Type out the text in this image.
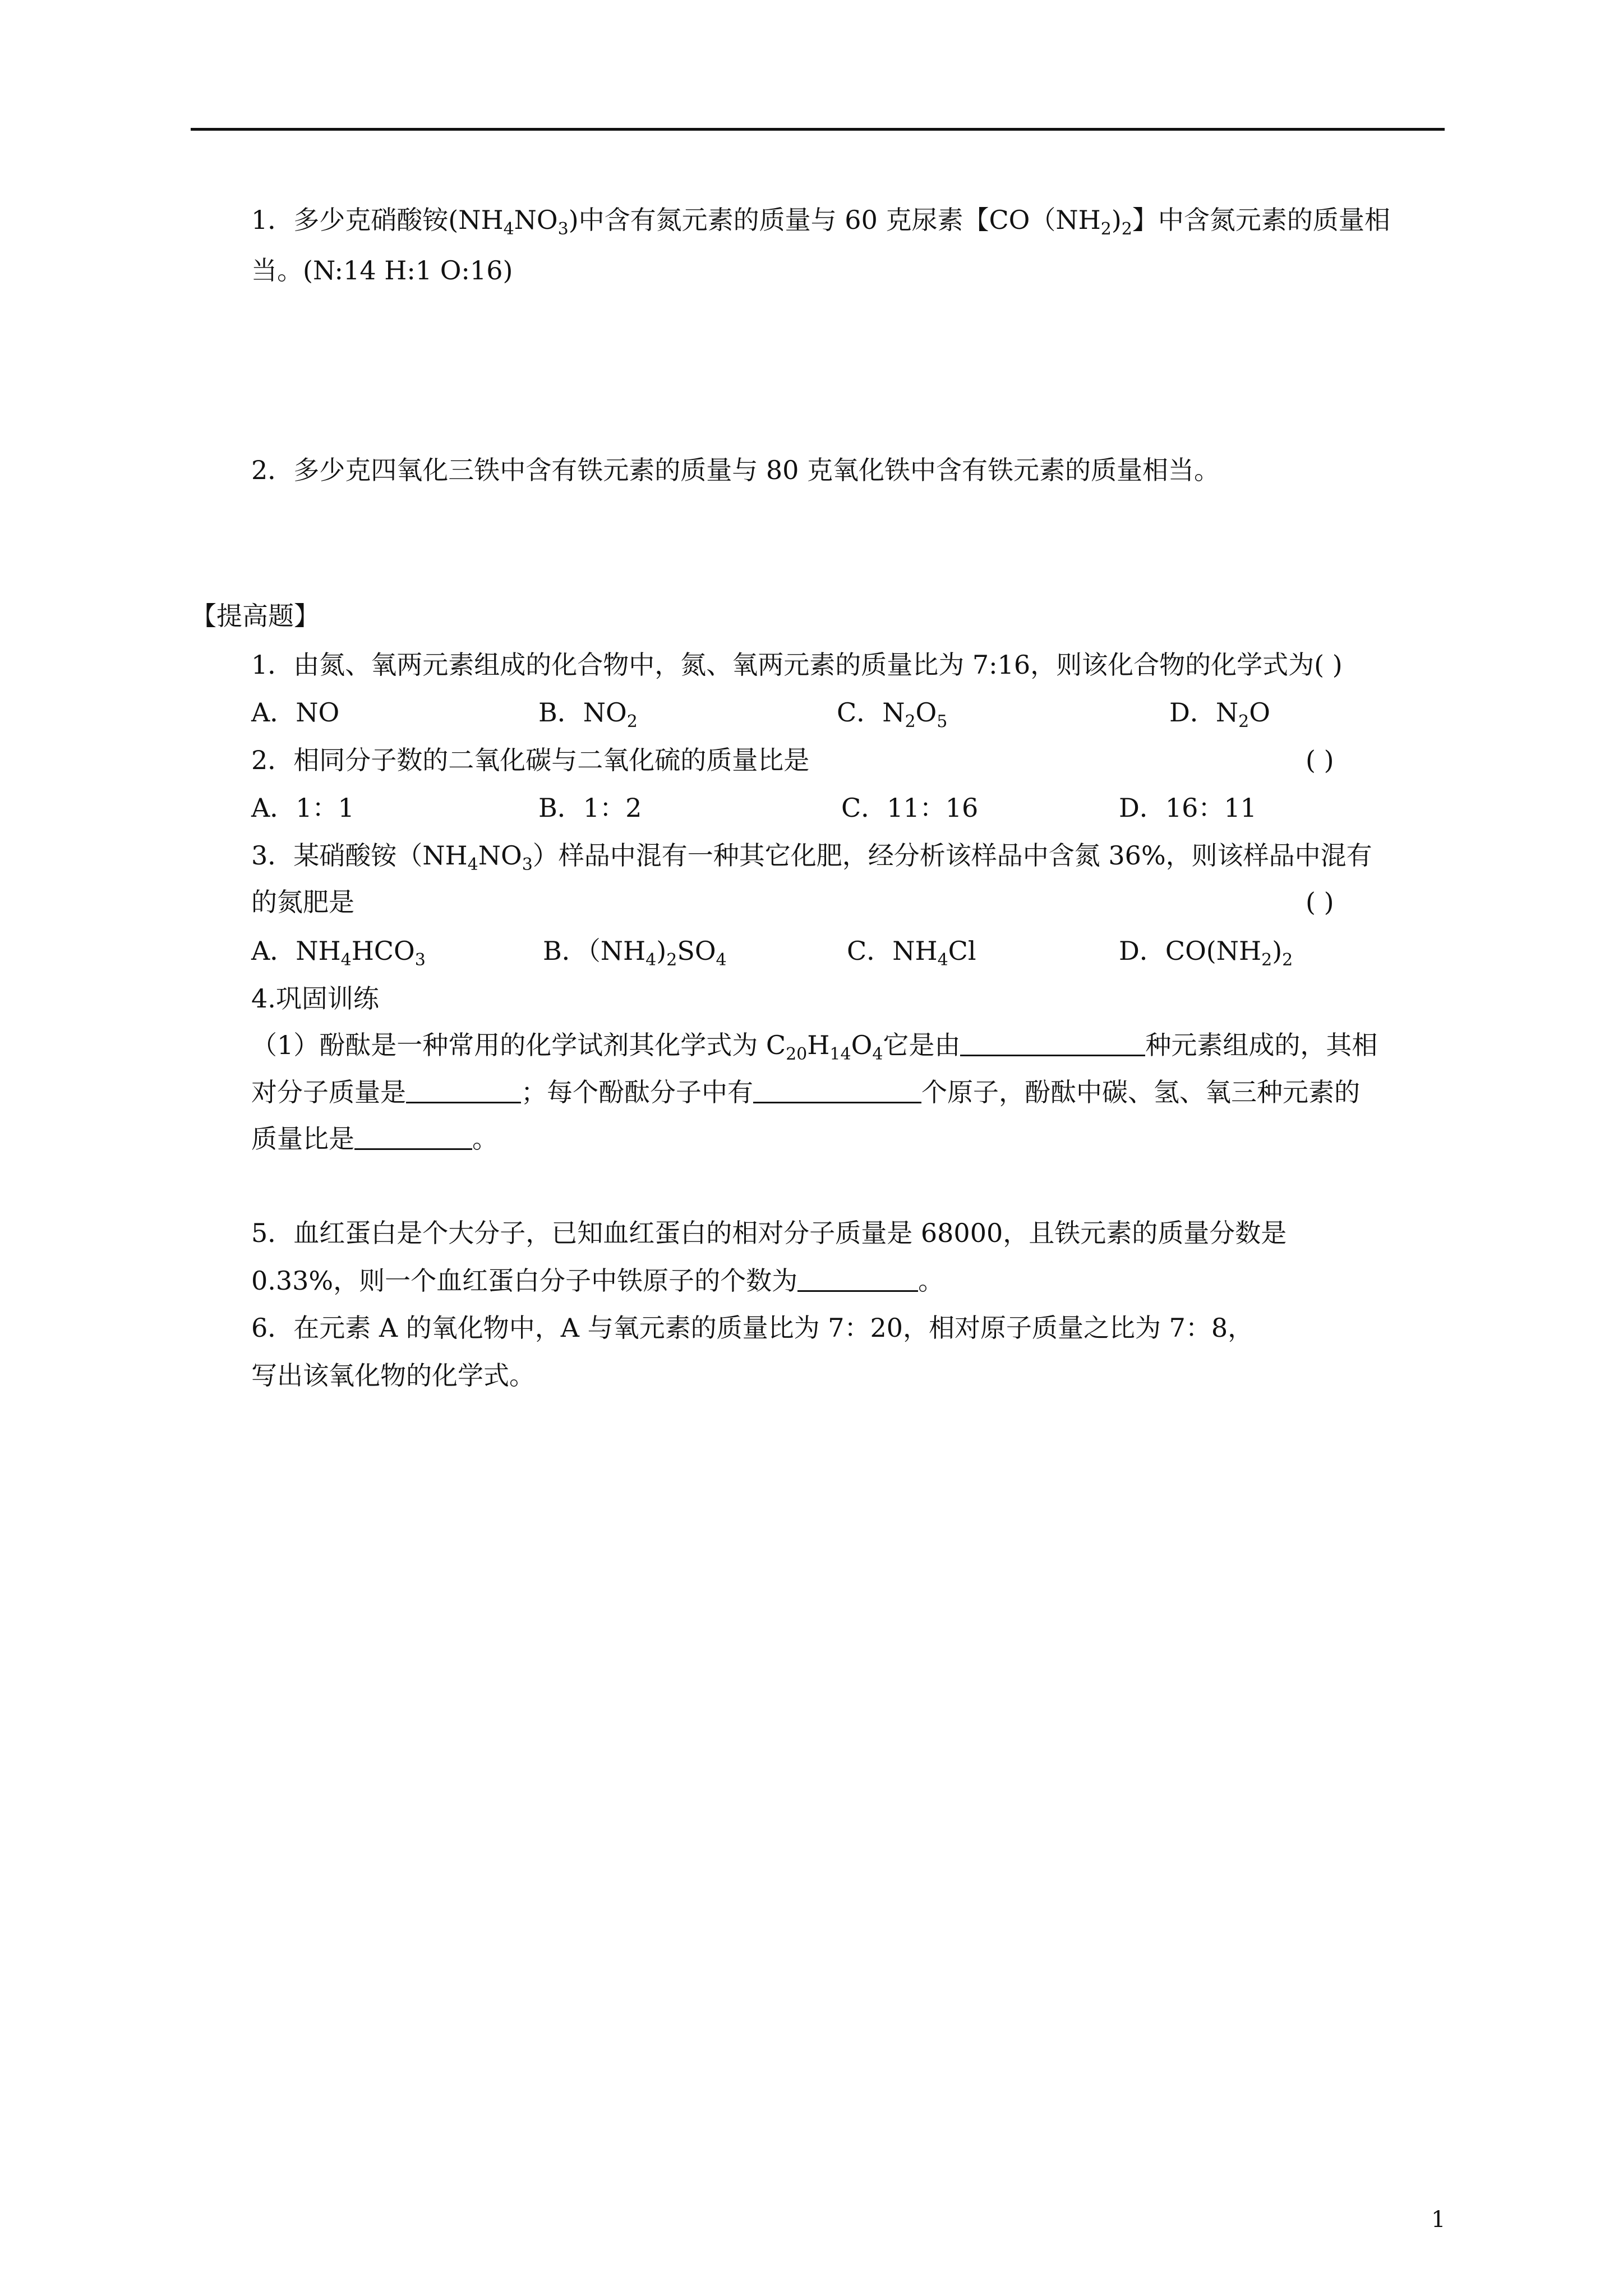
1．多少克硝酸铵$(NH_4NO_3)$中含有氮元素的质量与 60 克尿素【$CO(NH_2)_2$】中含氮元素的质量相
当。(N:14 H:1 O:16)
2．多少克四氧化三铁中含有铁元素的质量与 80 克氧化铁中含有铁元素的质量相当。
【提高题】
1．由氮、氧两元素组成的化合物中，氮、氧两元素的质量比为 7:16，则该化合物的化学式为( )
A．NO	B．$NO_2$	C．$N_2O_5$	D．$N_2O$
2．相同分子数的二氧化碳与二氧化硫的质量比是	( )
A．1：1	B．1：2	C．11：16	D．16：11
3．某硝酸铵$(NH_4NO_3)$样品中混有一种其它化肥，经分析该样品中含氮 36%，则该样品中混有
的氮肥是	( )
A．$NH_4HCO_3$	B．$(NH_4)_2SO_4$	C．$NH_4Cl$	D．$CO(NH_2)_2$
4.巩固训练
（1）酚酞是一种常用的化学试剂其化学式为 $C_{20}H_{14}O_4$它是由	种元素组成的，其相
对分子质量是	；每个酚酞分子中有	个原子，酚酞中碳、氢、氧三种元素的
质量比是	。
5．血红蛋白是个大分子，已知血红蛋白的相对分子质量是 68000，且铁元素的质量分数是
0.33%，则一个血红蛋白分子中铁原子的个数为	。
6．在元素 A 的氧化物中，A 与氧元素的质量比为 7：20，相对原子质量之比为 7：8，
写出该氧化物的化学式。
1
